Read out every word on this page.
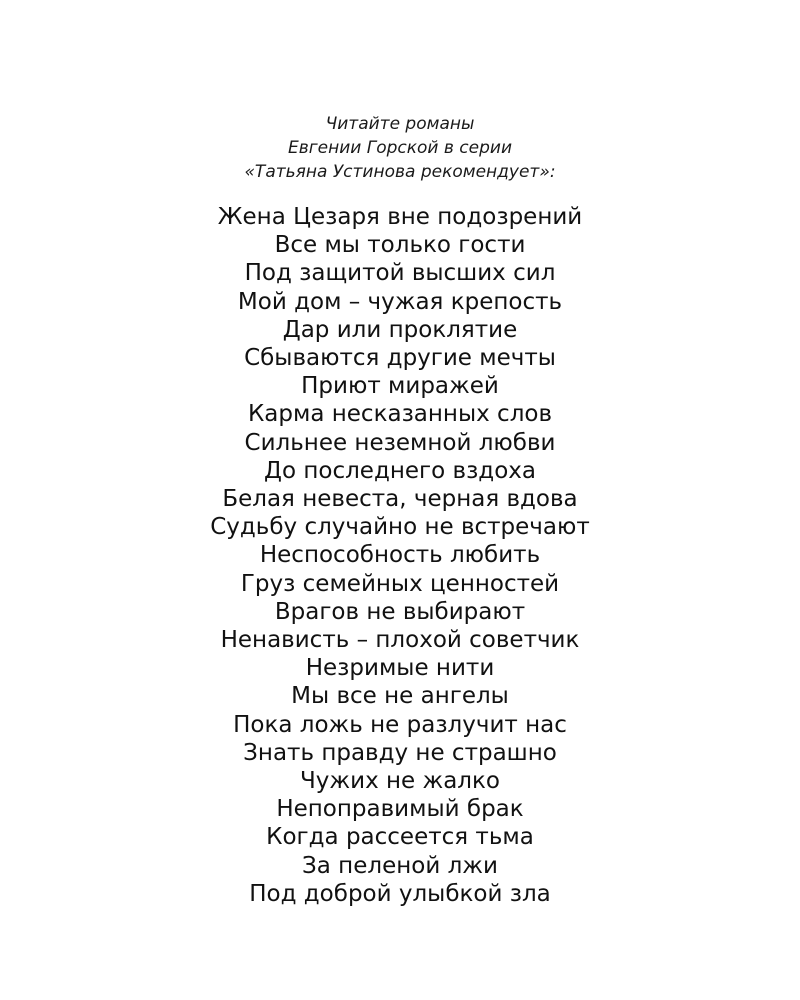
Читайте романы
Евгении Горской в серии
«Татьяна Устинова рекомендует»:
Жена Цезаря вне подозрений
Все мы только гости
Под защитой высших сил
Мой дом – чужая крепость
Дар или проклятие
Сбываются другие мечты
Приют миражей
Карма несказанных слов
Сильнее неземной любви
До последнего вздоха
Белая невеста, черная вдова
Судьбу случайно не встречают
Неспособность любить
Груз семейных ценностей
Врагов не выбирают
Ненависть – плохой советчик
Незримые нити
Мы все не ангелы
Пока ложь не разлучит нас
Знать правду не страшно
Чужих не жалко
Непоправимый брак
Когда рассеется тьма
За пеленой лжи
Под доброй улыбкой зла
